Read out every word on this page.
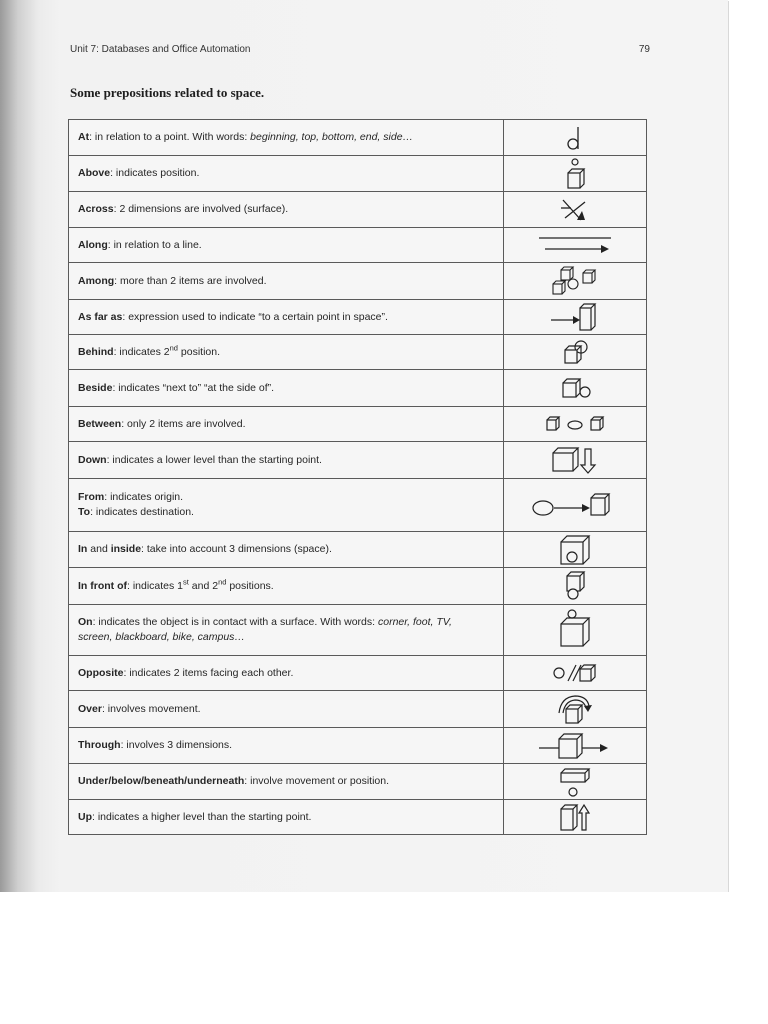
Unit 7: Databases and Office Automation	79
Some prepositions related to space.
At: in relation to a point. With words: beginning, top, bottom, end, side…	

Above: indicates position.	

Across: 2 dimensions are involved (surface).	

Along: in relation to a line.	

Among: more than 2 items are involved.	

As far as: expression used to indicate “to a certain point in space”.	

Behind: indicates 2nd position.	

Beside: indicates “next to” “at the side of”.	

Between: only 2 items are involved.	

Down: indicates a lower level than the starting point.	

From: indicates origin.
To: indicates destination.

In and inside: take into account 3 dimensions (space).	

In front of: indicates 1st and 2nd positions.	

On: indicates the object is in contact with a surface. With words: corner, foot, TV,
screen, blackboard, bike, campus…

Opposite: indicates 2 items facing each other.	

Over: involves movement.	

Through: involves 3 dimensions.	

Under/below/beneath/underneath: involve movement or position.	

Up: indicates a higher level than the starting point.	
